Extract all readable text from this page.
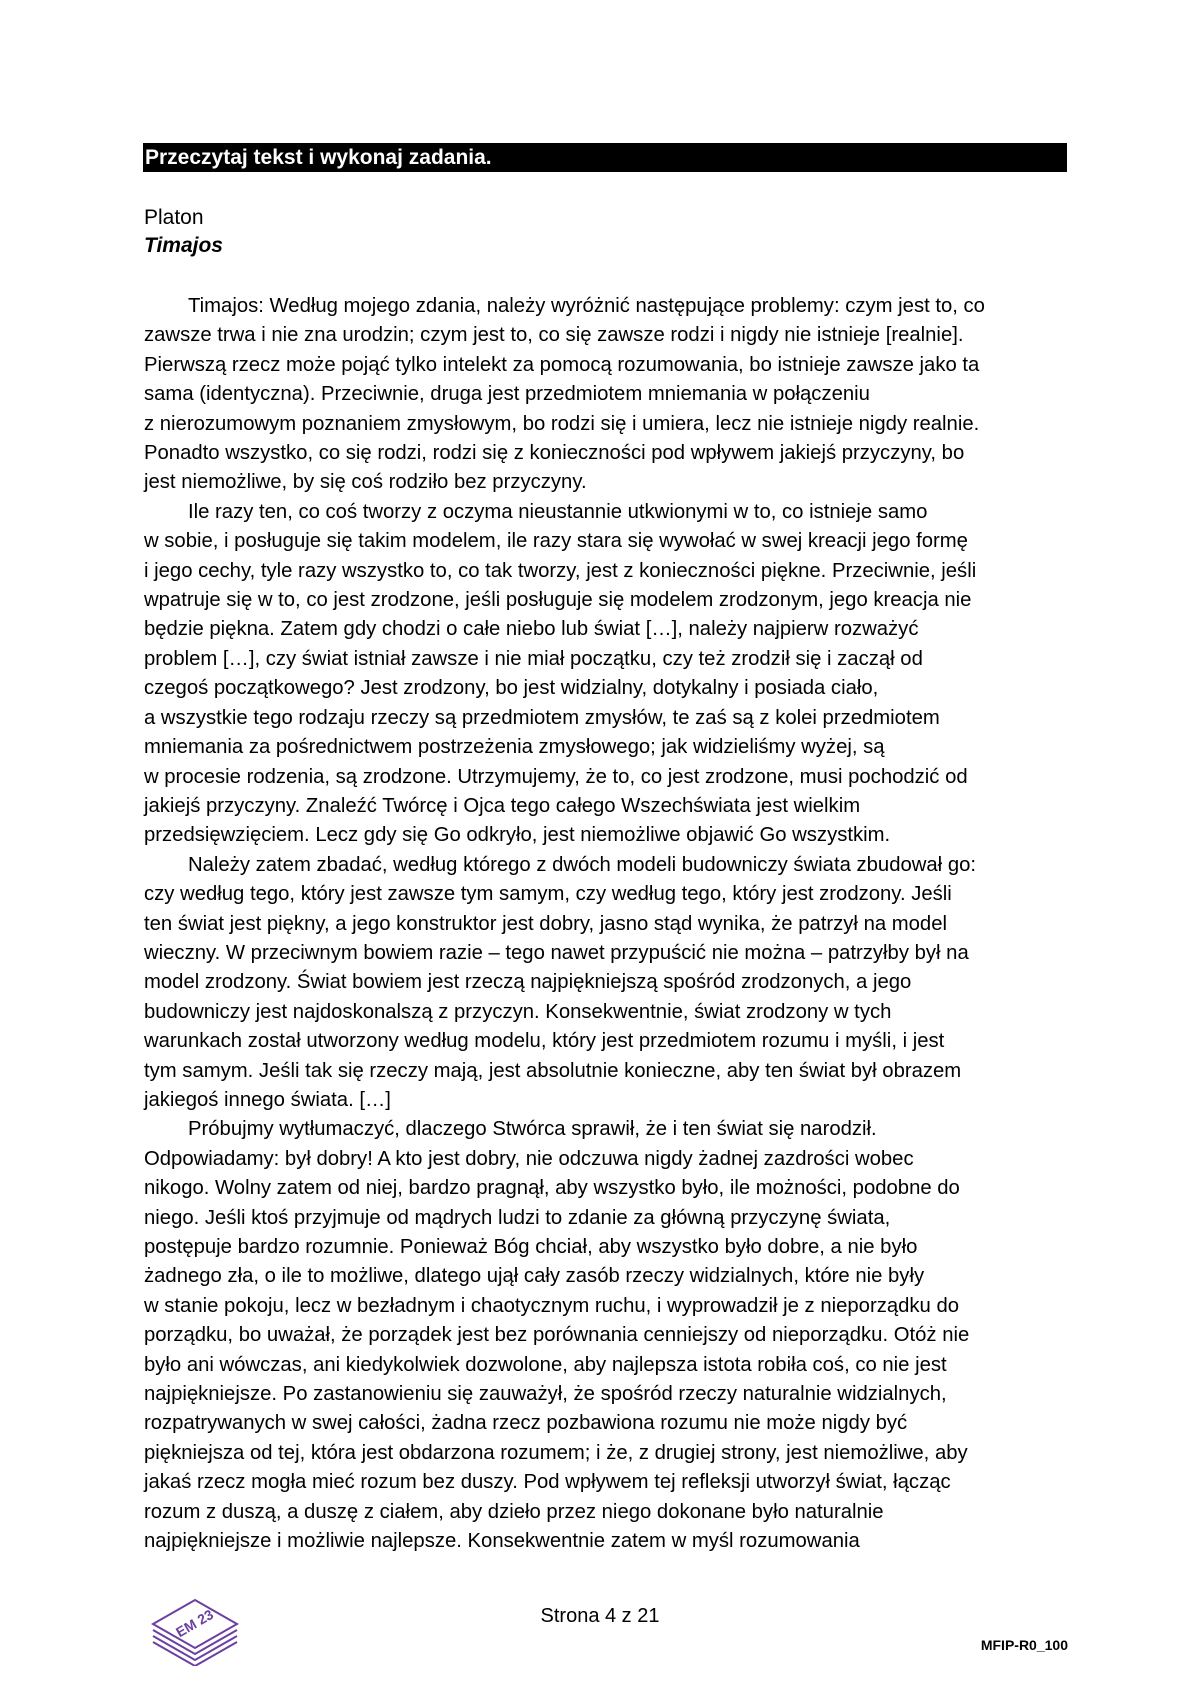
Przeczytaj tekst i wykonaj zadania.
Platon
Timajos

Timajos: Według mojego zdania, należy wyróżnić następujące problemy: czym jest to, co
zawsze trwa i nie zna urodzin; czym jest to, co się zawsze rodzi i nigdy nie istnieje [realnie].
Pierwszą rzecz może pojąć tylko intelekt za pomocą rozumowania, bo istnieje zawsze jako ta
sama (identyczna). Przeciwnie, druga jest przedmiotem mniemania w połączeniu
z nierozumowym poznaniem zmysłowym, bo rodzi się i umiera, lecz nie istnieje nigdy realnie.
Ponadto wszystko, co się rodzi, rodzi się z konieczności pod wpływem jakiejś przyczyny, bo
jest niemożliwe, by się coś rodziło bez przyczyny.

Ile razy ten, co coś tworzy z oczyma nieustannie utkwionymi w to, co istnieje samo
w sobie, i posługuje się takim modelem, ile razy stara się wywołać w swej kreacji jego formę
i jego cechy, tyle razy wszystko to, co tak tworzy, jest z konieczności piękne. Przeciwnie, jeśli
wpatruje się w to, co jest zrodzone, jeśli posługuje się modelem zrodzonym, jego kreacja nie
będzie piękna. Zatem gdy chodzi o całe niebo lub świat […], należy najpierw rozważyć
problem […], czy świat istniał zawsze i nie miał początku, czy też zrodził się i zaczął od
czegoś początkowego? Jest zrodzony, bo jest widzialny, dotykalny i posiada ciało,
a wszystkie tego rodzaju rzeczy są przedmiotem zmysłów, te zaś są z kolei przedmiotem
mniemania za pośrednictwem postrzeżenia zmysłowego; jak widzieliśmy wyżej, są
w procesie rodzenia, są zrodzone. Utrzymujemy, że to, co jest zrodzone, musi pochodzić od
jakiejś przyczyny. Znaleźć Twórcę i Ojca tego całego Wszechświata jest wielkim
przedsięwzięciem. Lecz gdy się Go odkryło, jest niemożliwe objawić Go wszystkim.

Należy zatem zbadać, według którego z dwóch modeli budowniczy świata zbudował go:
czy według tego, który jest zawsze tym samym, czy według tego, który jest zrodzony. Jeśli
ten świat jest piękny, a jego konstruktor jest dobry, jasno stąd wynika, że patrzył na model
wieczny. W przeciwnym bowiem razie – tego nawet przypuścić nie można – patrzyłby był na
model zrodzony. Świat bowiem jest rzeczą najpiękniejszą spośród zrodzonych, a jego
budowniczy jest najdoskonalszą z przyczyn. Konsekwentnie, świat zrodzony w tych
warunkach został utworzony według modelu, który jest przedmiotem rozumu i myśli, i jest
tym samym. Jeśli tak się rzeczy mają, jest absolutnie konieczne, aby ten świat był obrazem
jakiegoś innego świata. […]

Próbujmy wytłumaczyć, dlaczego Stwórca sprawił, że i ten świat się narodził.
Odpowiadamy: był dobry! A kto jest dobry, nie odczuwa nigdy żadnej zazdrości wobec
nikogo. Wolny zatem od niej, bardzo pragnął, aby wszystko było, ile możności, podobne do
niego. Jeśli ktoś przyjmuje od mądrych ludzi to zdanie za główną przyczynę świata,
postępuje bardzo rozumnie. Ponieważ Bóg chciał, aby wszystko było dobre, a nie było
żadnego zła, o ile to możliwe, dlatego ujął cały zasób rzeczy widzialnych, które nie były
w stanie pokoju, lecz w bezładnym i chaotycznym ruchu, i wyprowadził je z nieporządku do
porządku, bo uważał, że porządek jest bez porównania cenniejszy od nieporządku. Otóż nie
było ani wówczas, ani kiedykolwiek dozwolone, aby najlepsza istota robiła coś, co nie jest
najpiękniejsze. Po zastanowieniu się zauważył, że spośród rzeczy naturalnie widzialnych,
rozpatrywanych w swej całości, żadna rzecz pozbawiona rozumu nie może nigdy być
piękniejsza od tej, która jest obdarzona rozumem; i że, z drugiej strony, jest niemożliwe, aby
jakaś rzecz mogła mieć rozum bez duszy. Pod wpływem tej refleksji utworzył świat, łącząc
rozum z duszą, a duszę z ciałem, aby dzieło przez niego dokonane było naturalnie
najpiękniejsze i możliwie najlepsze. Konsekwentnie zatem w myśl rozumowania

EM 23	Strona 4 z 21
MFIP-R0_100
